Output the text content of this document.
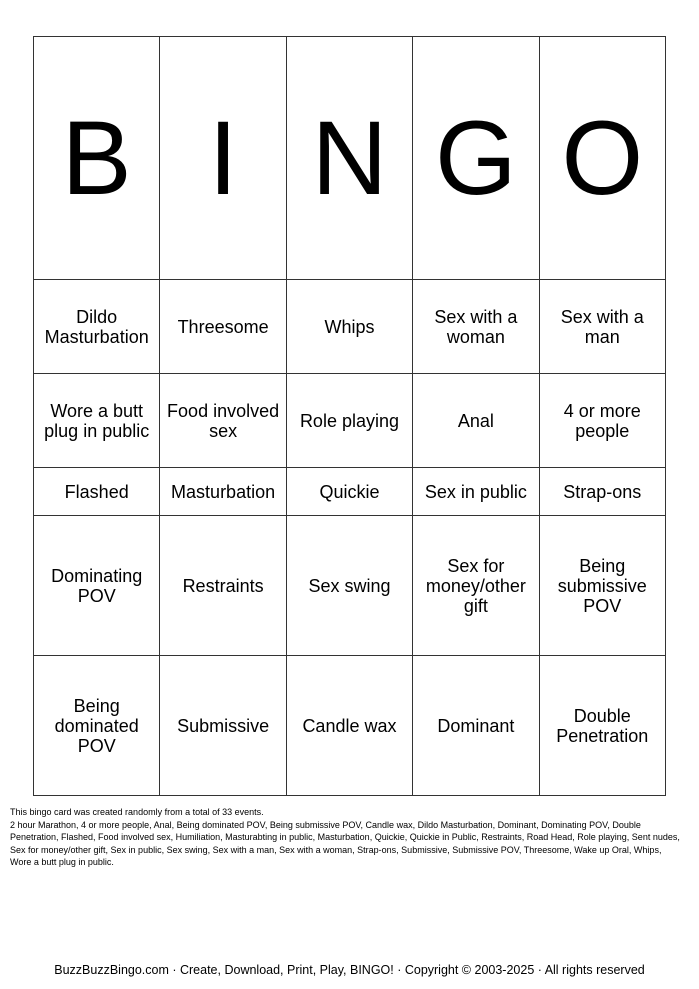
B	I	N	G	O
Dildo Masturbation	Threesome	Whips	Sex with a woman	Sex with a man
Wore a butt plug in public	Food involved sex	Role playing	Anal	4 or more people
Flashed	Masturbation	Quickie	Sex in public	Strap-ons
Dominating POV	Restraints	Sex swing	Sex for money/other gift	Being submissive POV
Being dominated POV	Submissive	Candle wax	Dominant	Double Penetration

This bingo card was created randomly from a total of 33 events.

2 hour Marathon, 4 or more people, Anal, Being dominated POV, Being submissive POV, Candle wax, Dildo Masturbation, Dominant, Dominating POV, Double Penetration, Flashed, Food involved sex, Humiliation, Masturabting in public, Masturbation, Quickie, Quickie in Public, Restraints, Road Head, Role playing, Sent nudes, Sex for money/other gift, Sex in public, Sex swing, Sex with a man, Sex with a woman, Strap-ons, Submissive, Submissive POV, Threesome, Wake up Oral, Whips, Wore a butt plug in public.

BuzzBuzzBingo.com · Create, Download, Print, Play, BINGO! · Copyright © 2003-2025 · All rights reserved
